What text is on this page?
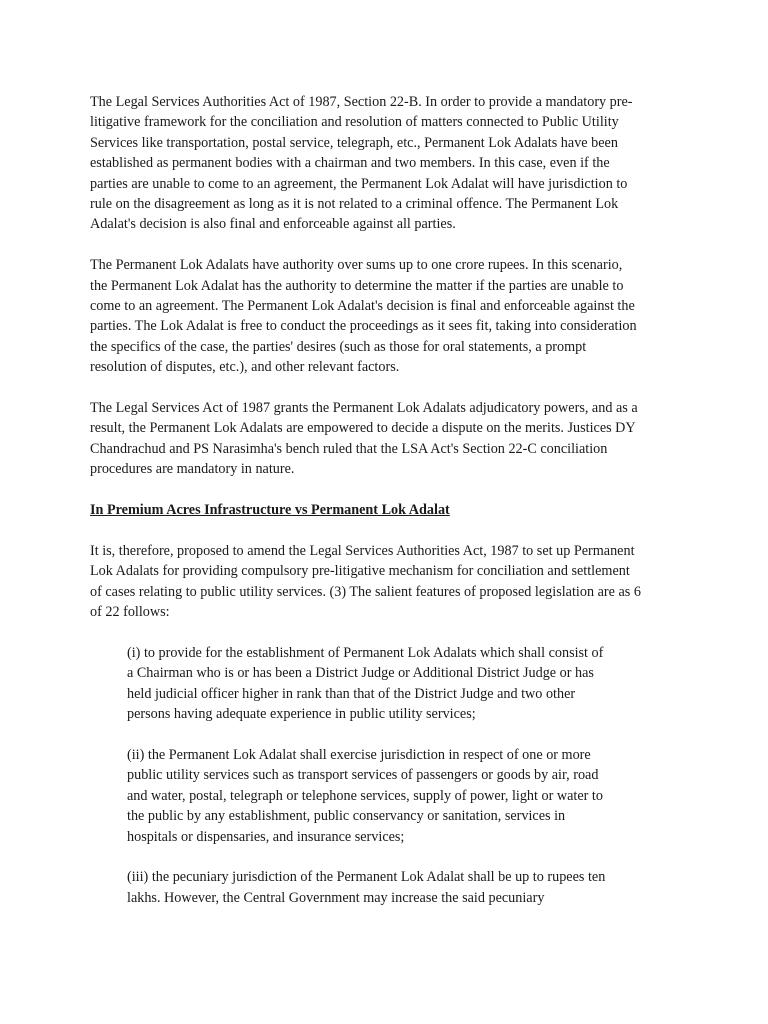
The Legal Services Authorities Act of 1987, Section 22-B. In order to provide a mandatory pre-
litigative framework for the conciliation and resolution of matters connected to Public Utility
Services like transportation, postal service, telegraph, etc., Permanent Lok Adalats have been
established as permanent bodies with a chairman and two members. In this case, even if the
parties are unable to come to an agreement, the Permanent Lok Adalat will have jurisdiction to
rule on the disagreement as long as it is not related to a criminal offence. The Permanent Lok
Adalat's decision is also final and enforceable against all parties.

The Permanent Lok Adalats have authority over sums up to one crore rupees. In this scenario,
the Permanent Lok Adalat has the authority to determine the matter if the parties are unable to
come to an agreement. The Permanent Lok Adalat's decision is final and enforceable against the
parties. The Lok Adalat is free to conduct the proceedings as it sees fit, taking into consideration
the specifics of the case, the parties' desires (such as those for oral statements, a prompt
resolution of disputes, etc.), and other relevant factors.

The Legal Services Act of 1987 grants the Permanent Lok Adalats adjudicatory powers, and as a
result, the Permanent Lok Adalats are empowered to decide a dispute on the merits. Justices DY
Chandrachud and PS Narasimha's bench ruled that the LSA Act's Section 22-C conciliation
procedures are mandatory in nature.

In Premium Acres Infrastructure vs Permanent Lok Adalat

It is, therefore, proposed to amend the Legal Services Authorities Act, 1987 to set up Permanent
Lok Adalats for providing compulsory pre-litigative mechanism for conciliation and settlement
of cases relating to public utility services. (3) The salient features of proposed legislation are as 6
of 22 follows:

(i) to provide for the establishment of Permanent Lok Adalats which shall consist of
a Chairman who is or has been a District Judge or Additional District Judge or has
held judicial officer higher in rank than that of the District Judge and two other
persons having adequate experience in public utility services;

(ii) the Permanent Lok Adalat shall exercise jurisdiction in respect of one or more
public utility services such as transport services of passengers or goods by air, road
and water, postal, telegraph or telephone services, supply of power, light or water to
the public by any establishment, public conservancy or sanitation, services in
hospitals or dispensaries, and insurance services;

(iii) the pecuniary jurisdiction of the Permanent Lok Adalat shall be up to rupees ten
lakhs. However, the Central Government may increase the said pecuniary
